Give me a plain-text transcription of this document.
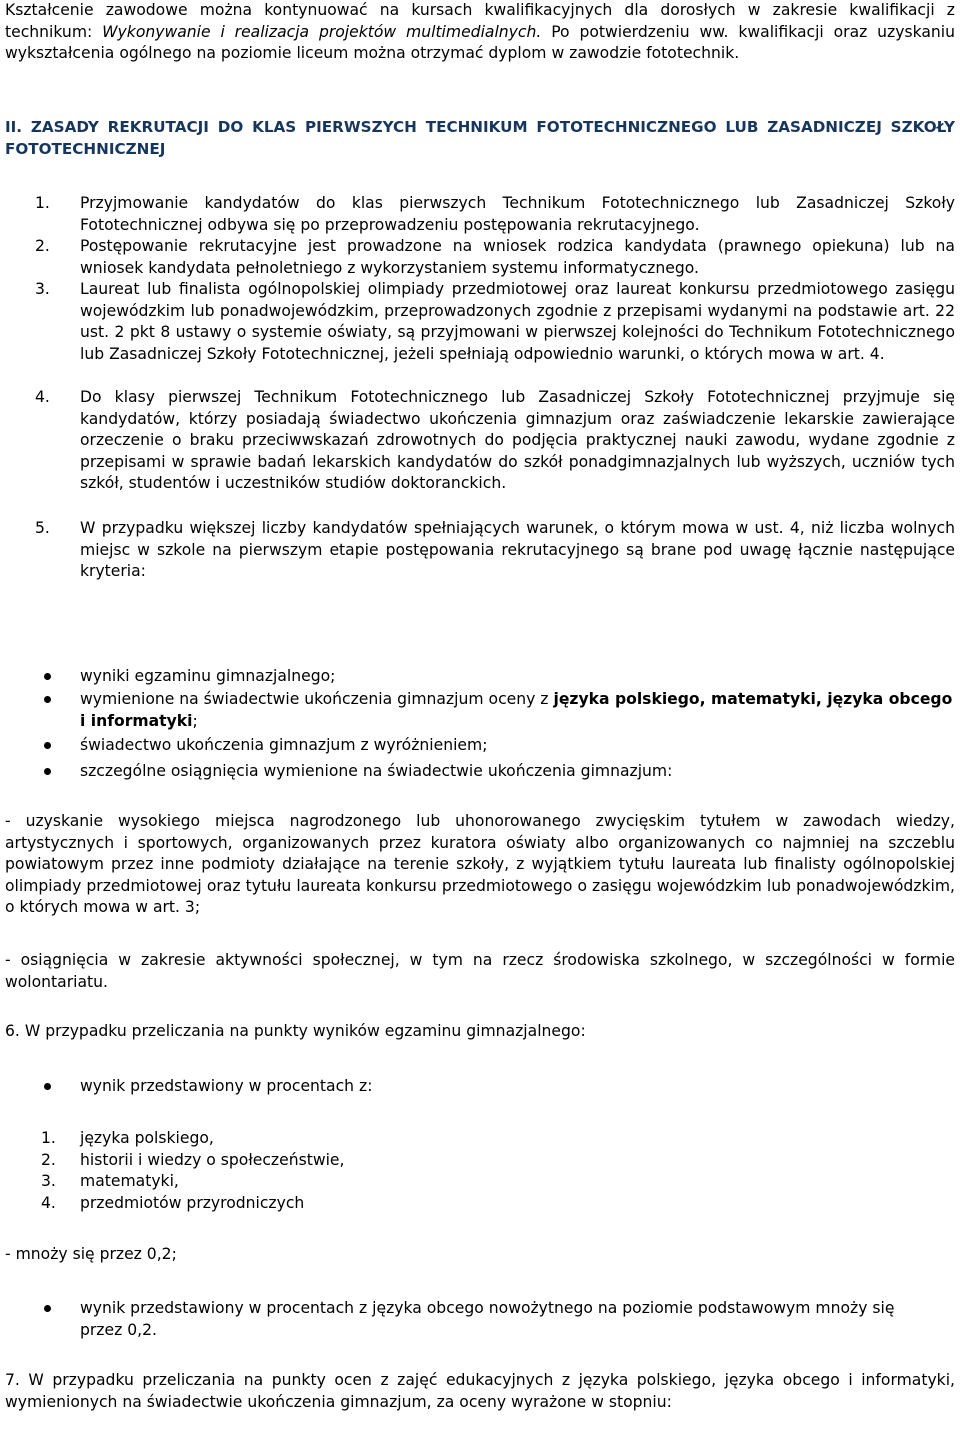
Kształcenie zawodowe można kontynuować na kursach kwalifikacyjnych dla dorosłych w zakresie kwalifikacji z technikum: Wykonywanie i realizacja projektów multimedialnych. Po potwierdzeniu ww. kwalifikacji oraz uzyskaniu wykształcenia ogólnego na poziomie liceum można otrzymać dyplom w zawodzie fototechnik.
II. ZASADY REKRUTACJI DO KLAS PIERWSZYCH TECHNIKUM FOTOTECHNICZNEGO LUB ZASADNICZEJ SZKOŁY FOTOTECHNICZNEJ
1.	Przyjmowanie kandydatów do klas pierwszych Technikum Fototechnicznego lub Zasadniczej Szkoły Fototechnicznej odbywa się po przeprowadzeniu postępowania rekrutacyjnego.
2.	Postępowanie rekrutacyjne jest prowadzone na wniosek rodzica kandydata (prawnego opiekuna) lub na wniosek kandydata pełnoletniego z wykorzystaniem systemu informatycznego.
3.	Laureat lub finalista ogólnopolskiej olimpiady przedmiotowej oraz laureat konkursu przedmiotowego zasięgu wojewódzkim lub ponadwojewódzkim, przeprowadzonych zgodnie z przepisami wydanymi na podstawie art. 22 ust. 2 pkt 8 ustawy o systemie oświaty, są przyjmowani w pierwszej kolejności do Technikum Fototechnicznego lub Zasadniczej Szkoły Fototechnicznej, jeżeli spełniają odpowiednio warunki, o których mowa w art. 4.
4.	Do klasy pierwszej Technikum Fototechnicznego lub Zasadniczej Szkoły Fototechnicznej przyjmuje się kandydatów, którzy posiadają świadectwo ukończenia gimnazjum oraz zaświadczenie lekarskie zawierające orzeczenie o braku przeciwwskazań zdrowotnych do podjęcia praktycznej nauki zawodu, wydane zgodnie z przepisami w sprawie badań lekarskich kandydatów do szkół ponadgimnazjalnych lub wyższych, uczniów tych szkół, studentów i uczestników studiów doktoranckich.
5.	W przypadku większej liczby kandydatów spełniających warunek, o którym mowa w ust. 4, niż liczba wolnych miejsc w szkole na pierwszym etapie postępowania rekrutacyjnego są brane pod uwagę łącznie następujące kryteria:
wyniki egzaminu gimnazjalnego;
wymienione na świadectwie ukończenia gimnazjum oceny z języka polskiego, matematyki, języka obcego i informatyki;
świadectwo ukończenia gimnazjum z wyróżnieniem;
szczególne osiągnięcia wymienione na świadectwie ukończenia gimnazjum:
- uzyskanie wysokiego miejsca nagrodzonego lub uhonorowanego zwycięskim tytułem w zawodach wiedzy, artystycznych i sportowych, organizowanych przez kuratora oświaty albo organizowanych co najmniej na szczeblu powiatowym przez inne podmioty działające na terenie szkoły, z wyjątkiem tytułu laureata lub finalisty ogólnopolskiej olimpiady przedmiotowej oraz tytułu laureata konkursu przedmiotowego o zasięgu wojewódzkim lub ponadwojewódzkim, o których mowa w art. 3;
- osiągnięcia w zakresie aktywności społecznej, w tym na rzecz środowiska szkolnego, w szczególności w formie wolontariatu.
6. W przypadku przeliczania na punkty wyników egzaminu gimnazjalnego:
wynik przedstawiony w procentach z:
1. języka polskiego,
2. historii i wiedzy o społeczeństwie,
3. matematyki,
4. przedmiotów przyrodniczych
- mnoży się przez 0,2;
wynik przedstawiony w procentach z języka obcego nowożytnego na poziomie podstawowym mnoży się przez 0,2.
7. W przypadku przeliczania na punkty ocen z zajęć edukacyjnych z języka polskiego, języka obcego i informatyki, wymienionych na świadectwie ukończenia gimnazjum, za oceny wyrażone w stopniu:
